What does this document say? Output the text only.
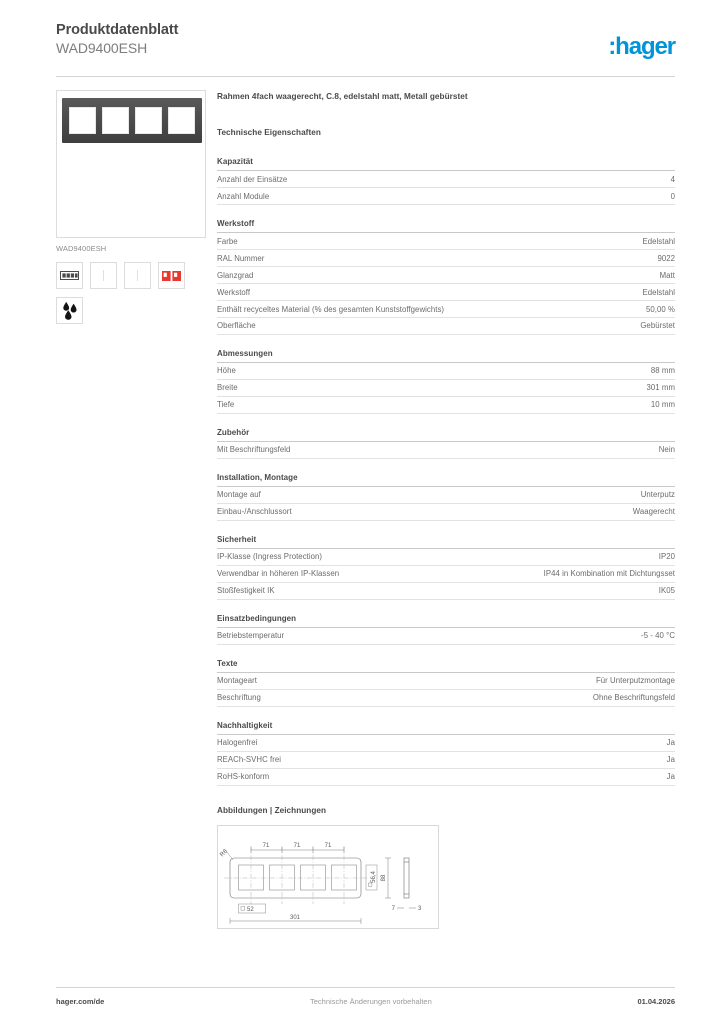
Produktdatenblatt
WAD9400ESH	:hager
WAD9400ESH
Rahmen 4fach waagerecht, C.8, edelstahl matt, Metall gebürstet
Technische Eigenschaften
Kapazität
Anzahl der Einsätze	4
Anzahl Module	0
Werkstoff
Farbe	Edelstahl
RAL Nummer	9022
Glanzgrad	Matt
Werkstoff	Edelstahl
Enthält recyceltes Material (% des gesamten Kunststoffgewichts)	50,00 %
Oberfläche	Gebürstet
Abmessungen
Höhe	88 mm
Breite	301 mm
Tiefe	10 mm
Zubehör
Mit Beschriftungsfeld	Nein
Installation, Montage
Montage auf	Unterputz
Einbau-/Anschlussort	Waagerecht
Sicherheit
IP-Klasse (Ingress Protection)	IP20
Verwendbar in höheren IP-Klassen	IP44 in Kombination mit Dichtungsset
Stoßfestigkeit IK	IK05
Einsatzbedingungen
Betriebstemperatur	-5 - 40 °C
Texte
Montageart	Für Unterputzmontage
Beschriftung	Ohne Beschriftungsfeld
Nachhaltigkeit
Halogenfrei	Ja
REACh-SVHC frei	Ja
RoHS-konform	Ja
Abbildungen | Zeichnungen
71	71	71
R8
52
301
56,4 88
7	3
hager.com/de	Technische Änderungen vorbehalten	01.04.2026
